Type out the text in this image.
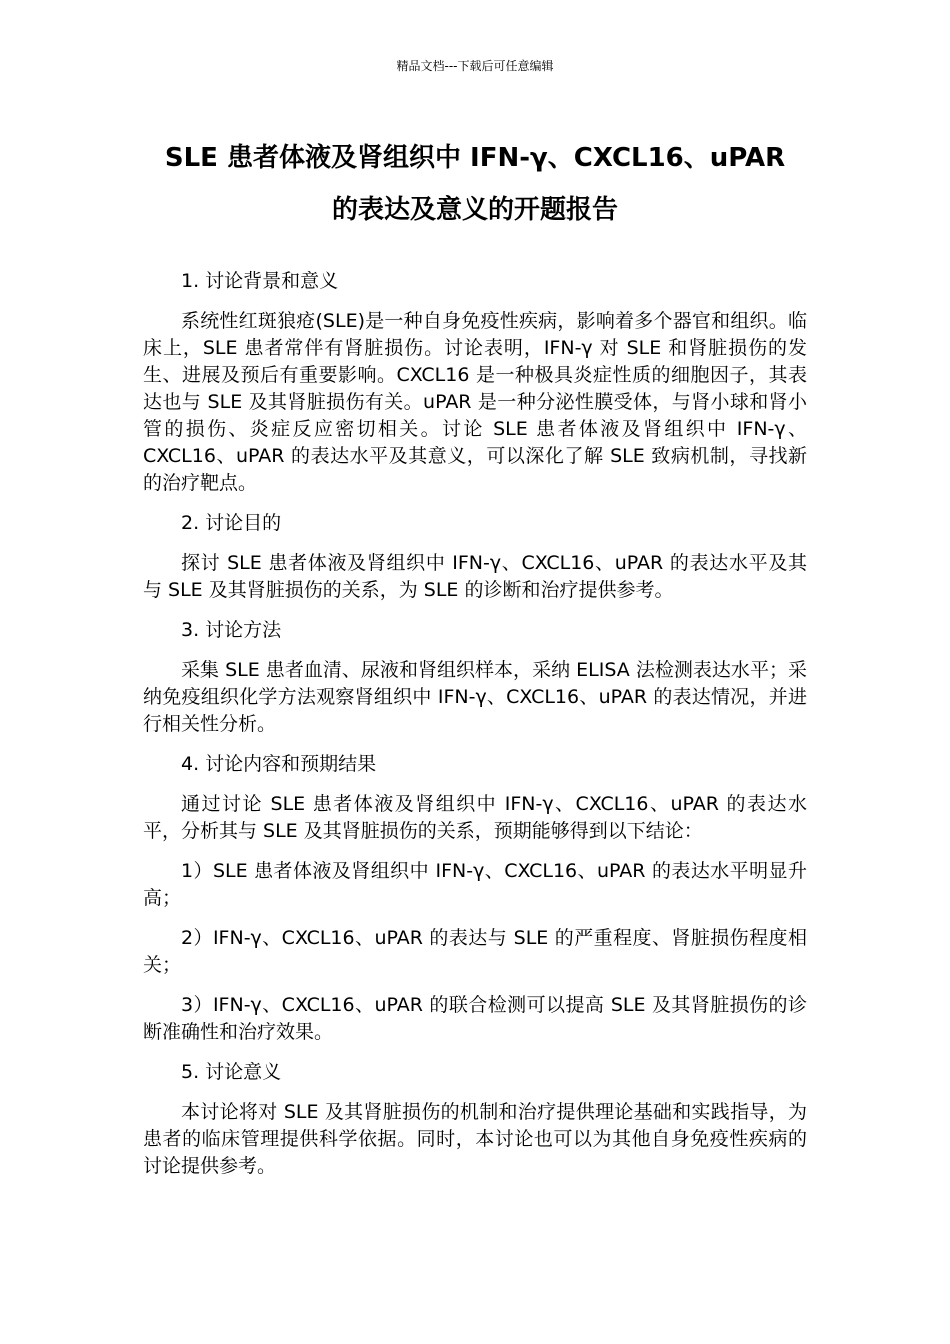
精品文档---下载后可任意编辑
SLE 患者体液及肾组织中 IFN-γ、CXCL16、uPAR
的表达及意义的开题报告

1. 讨论背景和意义

系统性红斑狼疮(SLE)是一种自身免疫性疾病，影响着多个器官和组织。临床上，SLE 患者常伴有肾脏损伤。讨论表明，IFN-γ 对 SLE 和肾脏损伤的发生、进展及预后有重要影响。CXCL16 是一种极具炎症性质的细胞因子，其表达也与 SLE 及其肾脏损伤有关。uPAR 是一种分泌性膜受体，与肾小球和肾小管的损伤、炎症反应密切相关。讨论 SLE 患者体液及肾组织中 IFN-γ、CXCL16、uPAR 的表达水平及其意义，可以深化了解 SLE 致病机制，寻找新的治疗靶点。

2. 讨论目的

探讨 SLE 患者体液及肾组织中 IFN-γ、CXCL16、uPAR 的表达水平及其与 SLE 及其肾脏损伤的关系，为 SLE 的诊断和治疗提供参考。

3. 讨论方法

采集 SLE 患者血清、尿液和肾组织样本，采纳 ELISA 法检测表达水平；采纳免疫组织化学方法观察肾组织中 IFN-γ、CXCL16、uPAR 的表达情况，并进行相关性分析。

4. 讨论内容和预期结果

通过讨论 SLE 患者体液及肾组织中 IFN-γ、CXCL16、uPAR 的表达水平，分析其与 SLE 及其肾脏损伤的关系，预期能够得到以下结论：

1）SLE 患者体液及肾组织中 IFN-γ、CXCL16、uPAR 的表达水平明显升高；

2）IFN-γ、CXCL16、uPAR 的表达与 SLE 的严重程度、肾脏损伤程度相关；

3）IFN-γ、CXCL16、uPAR 的联合检测可以提高 SLE 及其肾脏损伤的诊断准确性和治疗效果。

5. 讨论意义

本讨论将对 SLE 及其肾脏损伤的机制和治疗提供理论基础和实践指导，为患者的临床管理提供科学依据。同时，本讨论也可以为其他自身免疫性疾病的讨论提供参考。
